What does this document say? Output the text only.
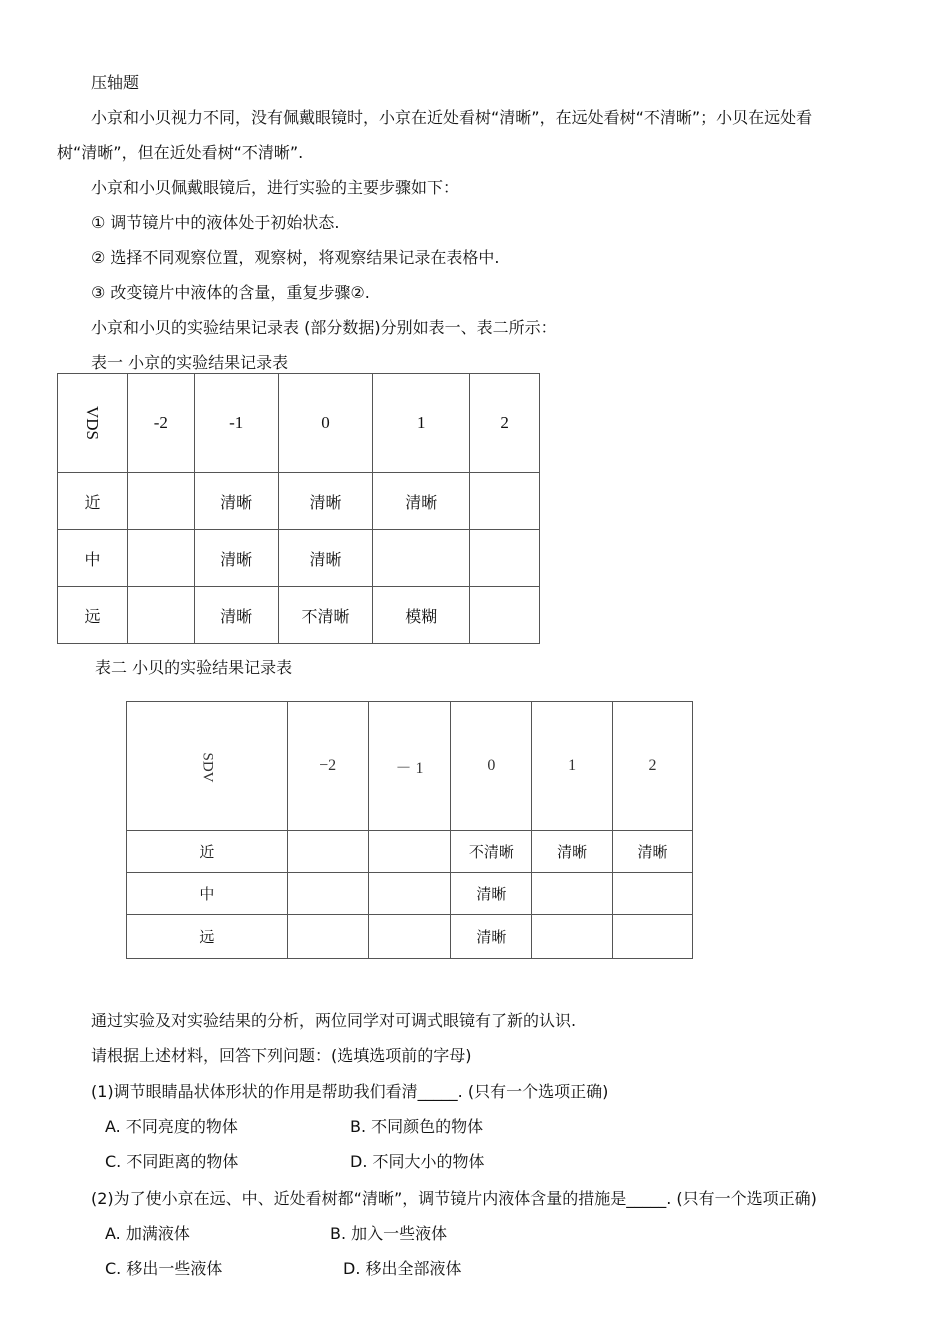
压轴题
小京和小贝视力不同，没有佩戴眼镜时，小京在近处看树“清晰”，在远处看树“不清晰”；小贝在远处看
树“清晰”，但在近处看树“不清晰”.
小京和小贝佩戴眼镜后，进行实验的主要步骤如下：
① 调节镜片中的液体处于初始状态.
② 选择不同观察位置，观察树，将观察结果记录在表格中.
③ 改变镜片中液体的含量，重复步骤②.
小京和小贝的实验结果记录表 (部分数据)分别如表一、表二所示：
表一 小京的实验结果记录表
VDS	-2	-1	0	1	2
近		清晰	清晰	清晰	
中		清晰	清晰		
远		清晰	不清晰	模糊	
表二 小贝的实验结果记录表
SDV	−2	－ 1	0	1	2
近			不清晰	清晰	清晰
中			清晰		
远			清晰		
通过实验及对实验结果的分析，两位同学对可调式眼镜有了新的认识.
请根据上述材料，回答下列问题：(选填选项前的字母)
(1)调节眼睛晶状体形状的作用是帮助我们看清_____. (只有一个选项正确)
A. 不同亮度的物体	B. 不同颜色的物体
C. 不同距离的物体	D. 不同大小的物体
(2)为了使小京在远、中、近处看树都“清晰”，调节镜片内液体含量的措施是_____. (只有一个选项正确)
A. 加满液体	B. 加入一些液体
C. 移出一些液体	D. 移出全部液体
